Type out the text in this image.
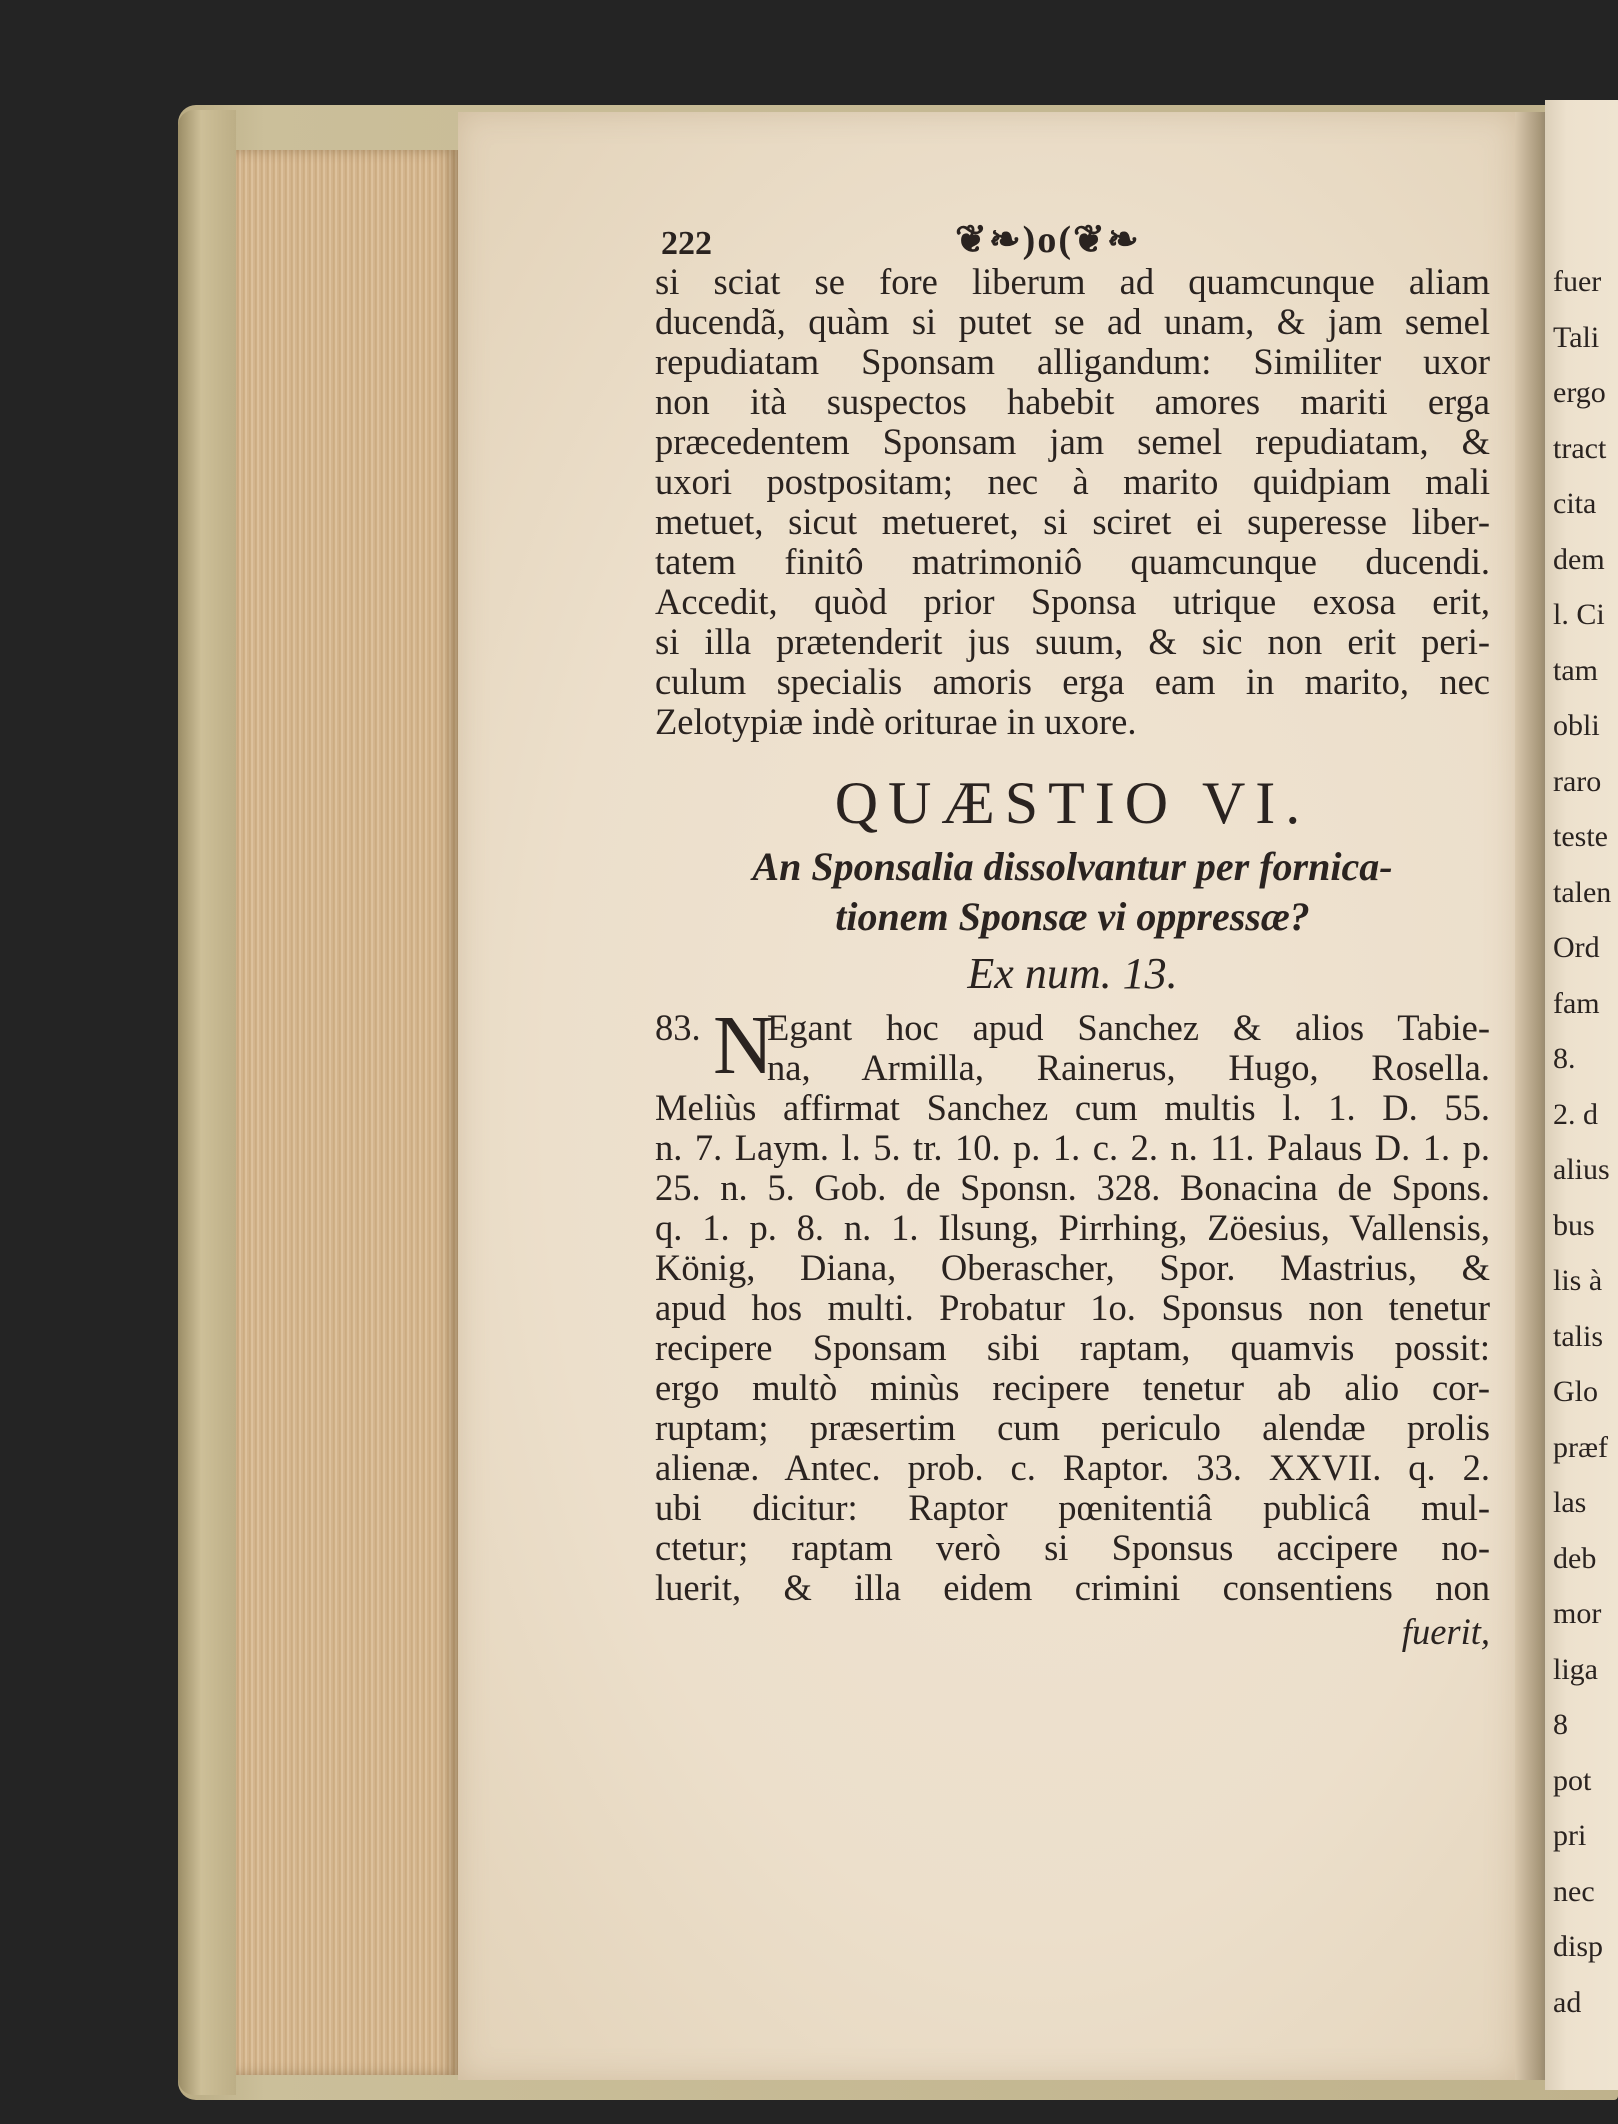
222	❦❧)o(❦❧
si sciat se fore liberum ad quamcunque aliam
ducendã, quàm si putet se ad unam, & jam semel
repudiatam Sponsam alligandum: Similiter uxor
non ità suspectos habebit amores mariti erga
præcedentem Sponsam jam semel repudiatam, &
uxori postpositam; nec à marito quidpiam mali
metuet, sicut metueret, si sciret ei superesse liber-
tatem finitô matrimoniô quamcunque ducendi.
Accedit, quòd prior Sponsa utrique exosa erit,
si illa prætenderit jus suum, & sic non erit peri-
culum specialis amoris erga eam in marito, nec
Zelotypiæ indè oriturae in uxore.
QUÆSTIO VI.
An Sponsalia dissolvantur per fornica-
tionem Sponsæ vi oppressæ?
Ex num. 13.
83. N
Egant hoc apud Sanchez & alios Tabie-
na, Armilla, Rainerus, Hugo, Rosella.
Meliùs affirmat Sanchez cum multis l. 1. D. 55.
n. 7. Laym. l. 5. tr. 10. p. 1. c. 2. n. 11. Palaus D. 1. p.
25. n. 5. Gob. de Sponsn. 328. Bonacina de Spons.
q. 1. p. 8. n. 1. Ilsung, Pirrhing, Zöesius, Vallensis,
König, Diana, Oberascher, Spor. Mastrius, &
apud hos multi. Probatur 1o. Sponsus non tenetur
recipere Sponsam sibi raptam, quamvis possit:
ergo multò minùs recipere tenetur ab alio cor-
ruptam; præsertim cum periculo alendæ prolis
alienæ. Antec. prob. c. Raptor. 33. XXVII. q. 2.
ubi dicitur: Raptor pœnitentiâ publicâ mul-
ctetur; raptam verò si Sponsus accipere no-
luerit, & illa eidem crimini consentiens non
fuerit,
fuer
Tali
ergo
tract
cita
dem
l. Ci
tam
obli
raro
teste
talen
Ord
fam
8.
2. d
alius
bus
lis à
talis
Glo
præf
las
deb
mor
liga
8
pot
pri
nec
disp
ad
